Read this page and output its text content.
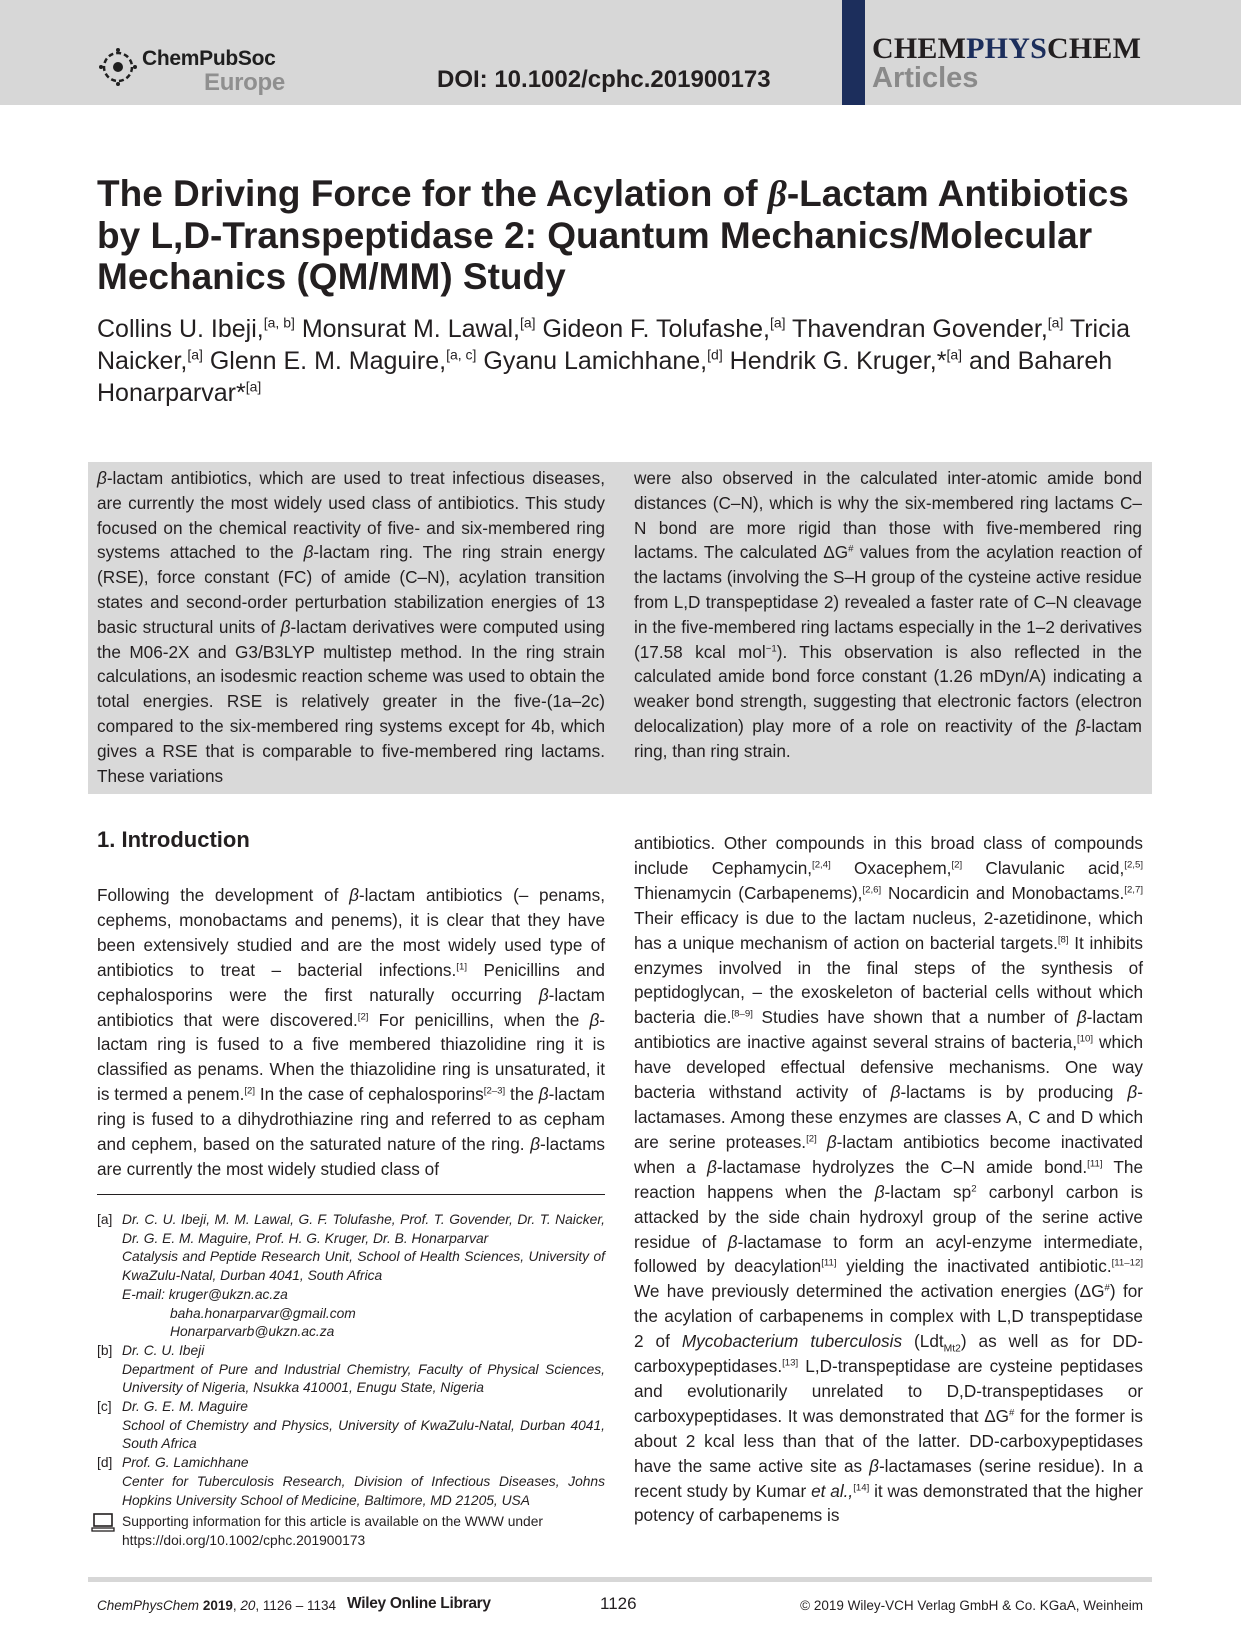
ChemPubSoc
Europe	DOI: 10.1002/cphc.201900173
CHEMPHYSCHEM
Articles
The Driving Force for the Acylation of β-Lactam Antibiotics
by L,D-Transpeptidase 2: Quantum Mechanics/Molecular
Mechanics (QM/MM) Study
Collins U. Ibeji,[a, b] Monsurat M. Lawal,[a] Gideon F. Tolufashe,[a] Thavendran Govender,[a] Tricia Naicker,[a] Glenn E. M. Maguire,[a, c] Gyanu Lamichhane,[d] Hendrik G. Kruger,*[a] and Bahareh Honarparvar*[a]
β-lactam antibiotics, which are used to treat infectious diseases, are currently the most widely used class of antibiotics. This study focused on the chemical reactivity of five- and six-membered ring systems attached to the β-lactam ring. The ring strain energy (RSE), force constant (FC) of amide (C–N), acylation transition states and second-order perturbation stabilization energies of 13 basic structural units of β-lactam derivatives were computed using the M06-2X and G3/B3LYP multistep method. In the ring strain calculations, an isodesmic reaction scheme was used to obtain the total energies. RSE is relatively greater in the five-(1a–2c) compared to the six-membered ring systems except for 4b, which gives a RSE that is comparable to five-membered ring lactams. These variations
were also observed in the calculated inter-atomic amide bond distances (C–N), which is why the six-membered ring lactams C–N bond are more rigid than those with five-membered ring lactams. The calculated ΔG# values from the acylation reaction of the lactams (involving the S–H group of the cysteine active residue from L,D transpeptidase 2) revealed a faster rate of C–N cleavage in the five-membered ring lactams especially in the 1–2 derivatives (17.58 kcal mol$^{-1}$). This observation is also reflected in the calculated amide bond force constant (1.26 mDyn/A) indicating a weaker bond strength, suggesting that electronic factors (electron delocalization) play more of a role on reactivity of the β-lactam ring, than ring strain.
1. Introduction
Following the development of β-lactam antibiotics (– penams, cephems, monobactams and penems), it is clear that they have been extensively studied and are the most widely used type of antibiotics to treat – bacterial infections.[1] Penicillins and cephalosporins were the first naturally occurring β-lactam antibiotics that were discovered.[2] For penicillins, when the β-lactam ring is fused to a five membered thiazolidine ring it is classified as penams. When the thiazolidine ring is unsaturated, it is termed a penem.[2] In the case of cephalosporins[2–3] the β-lactam ring is fused to a dihydrothiazine ring and referred to as cepham and cephem, based on the saturated nature of the ring. β-lactams are currently the most widely studied class of
antibiotics. Other compounds in this broad class of compounds include Cephamycin,[2,4] Oxacephem,[2] Clavulanic acid,[2,5] Thienamycin (Carbapenems),[2,6] Nocardicin and Monobactams.[2,7] Their efficacy is due to the lactam nucleus, 2-azetidinone, which has a unique mechanism of action on bacterial targets.[8] It inhibits enzymes involved in the final steps of the synthesis of peptidoglycan, – the exoskeleton of bacterial cells without which bacteria die.[8–9] Studies have shown that a number of β-lactam antibiotics are inactive against several strains of bacteria,[10] which have developed effectual defensive mechanisms. One way bacteria withstand activity of β-lactams is by producing β-lactamases. Among these enzymes are classes A, C and D which are serine proteases.[2] β-lactam antibiotics become inactivated when a β-lactamase hydrolyzes the C–N amide bond.[11] The reaction happens when the β-lactam $sp^2$ carbonyl carbon is attacked by the side chain hydroxyl group of the serine active residue of β-lactamase to form an acyl-enzyme intermediate, followed by deacylation[11] yielding the inactivated antibiotic.[11–12] We have previously determined the activation energies (ΔG#) for the acylation of carbapenems in complex with L,D transpeptidase 2 of Mycobacterium tuberculosis (Ldt$_{Mt2}$) as well as for DD-carboxypeptidases.[13] L,D-transpeptidase are cysteine peptidases and evolutionarily unrelated to D,D-transpeptidases or carboxypeptidases. It was demonstrated that ΔG# for the former is about 2 kcal less than that of the latter. DD-carboxypeptidases have the same active site as β-lactamases (serine residue). In a recent study by Kumar et al.,[14] it was demonstrated that the higher potency of carbapenems is
[a] Dr. C. U. Ibeji, M. M. Lawal, G. F. Tolufashe, Prof. T. Govender, Dr. T. Naicker, Dr. G. E. M. Maguire, Prof. H. G. Kruger, Dr. B. Honarparvar
Catalysis and Peptide Research Unit, School of Health Sciences, University of KwaZulu-Natal, Durban 4041, South Africa
E-mail: kruger@ukzn.ac.za
baha.honarparvar@gmail.com
Honarparvarb@ukzn.ac.za
[b] Dr. C. U. Ibeji
Department of Pure and Industrial Chemistry, Faculty of Physical Sciences, University of Nigeria, Nsukka 410001, Enugu State, Nigeria
[c] Dr. G. E. M. Maguire
School of Chemistry and Physics, University of KwaZulu-Natal, Durban 4041, South Africa
[d] Prof. G. Lamichhane
Center for Tuberculosis Research, Division of Infectious Diseases, Johns Hopkins University School of Medicine, Baltimore, MD 21205, USA
Supporting information for this article is available on the WWW under https://doi.org/10.1002/cphc.201900173
ChemPhysChem 2019, 20, 1126 – 1134 Wiley Online Library	1126	© 2019 Wiley-VCH Verlag GmbH & Co. KGaA, Weinheim
